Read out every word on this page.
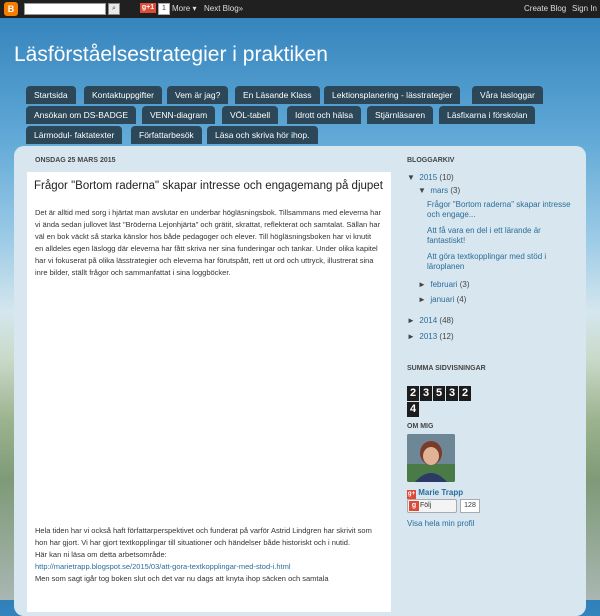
B	⌕	g+1	1 More ▾ Next Blog»	Create Blog Sign In
Läsförståelsestrategier i praktiken
Startsida	Kontaktuppgifter	Vem är jag?	En Läsande Klass	Lektionsplanering - lässtrategier	Våra lasloggar
Ansökan om DS-BADGE	VENN-diagram	VÖL-tabell	Idrott och hälsa	Stjärnläsaren	Läsfixarna i förskolan
Lärmodul- faktatexter	Författarbesök	Läsa och skriva hör ihop.
ONSDAG 25 MARS 2015
Frågor "Bortom raderna" skapar intresse och engagemang på djupet
Det är alltid med sorg i hjärtat man avslutar en underbar högläsningsbok. Tillsammans med eleverna har vi ända sedan jullovet läst "Bröderna Lejonhjärta" och grätit, skrattat, reflekterat och samtalat. Sällan har väl en bok väckt så starka känslor hos både pedagoger och elever. Till högläsningsboken har vi knutit en alldeles egen läslogg där eleverna har fått skriva ner sina funderingar och tankar. Under olika kapitel har vi fokuserat på olika lässtrategier och eleverna har förutspått, rett ut ord och uttryck, illustrerat sina inre bilder, ställt frågor och sammanfattat i sina loggböcker.
Hela tiden har vi också haft författarperspektivet och funderat på varför Astrid Lindgren har skrivit som hon har gjort. Vi har gjort textkopplingar till situationer och händelser både historiskt och i nutid.
Här kan ni läsa om detta arbetsområde:
http://marietrapp.blogspot.se/2015/03/att-gora-textkopplingar-med-stod-i.html
Men som sagt igår tog boken slut och det var nu dags att knyta ihop säcken och samtala
BLOGGARKIV
▼ 2015 (10)
▼ mars (3)
Frågor "Bortom raderna" skapar intresse och engage...
Att få vara en del i ett lärande är fantastiskt!
Att göra textkopplingar med stöd i läroplanen
► februari (3)
► januari (4)
► 2014 (48)
► 2013 (12)
SUMMA SIDVISNINGAR
2 3 5 3 2
4
OM MIG
g+ Marie Trapp
g Följ	128
Visa hela min profil
